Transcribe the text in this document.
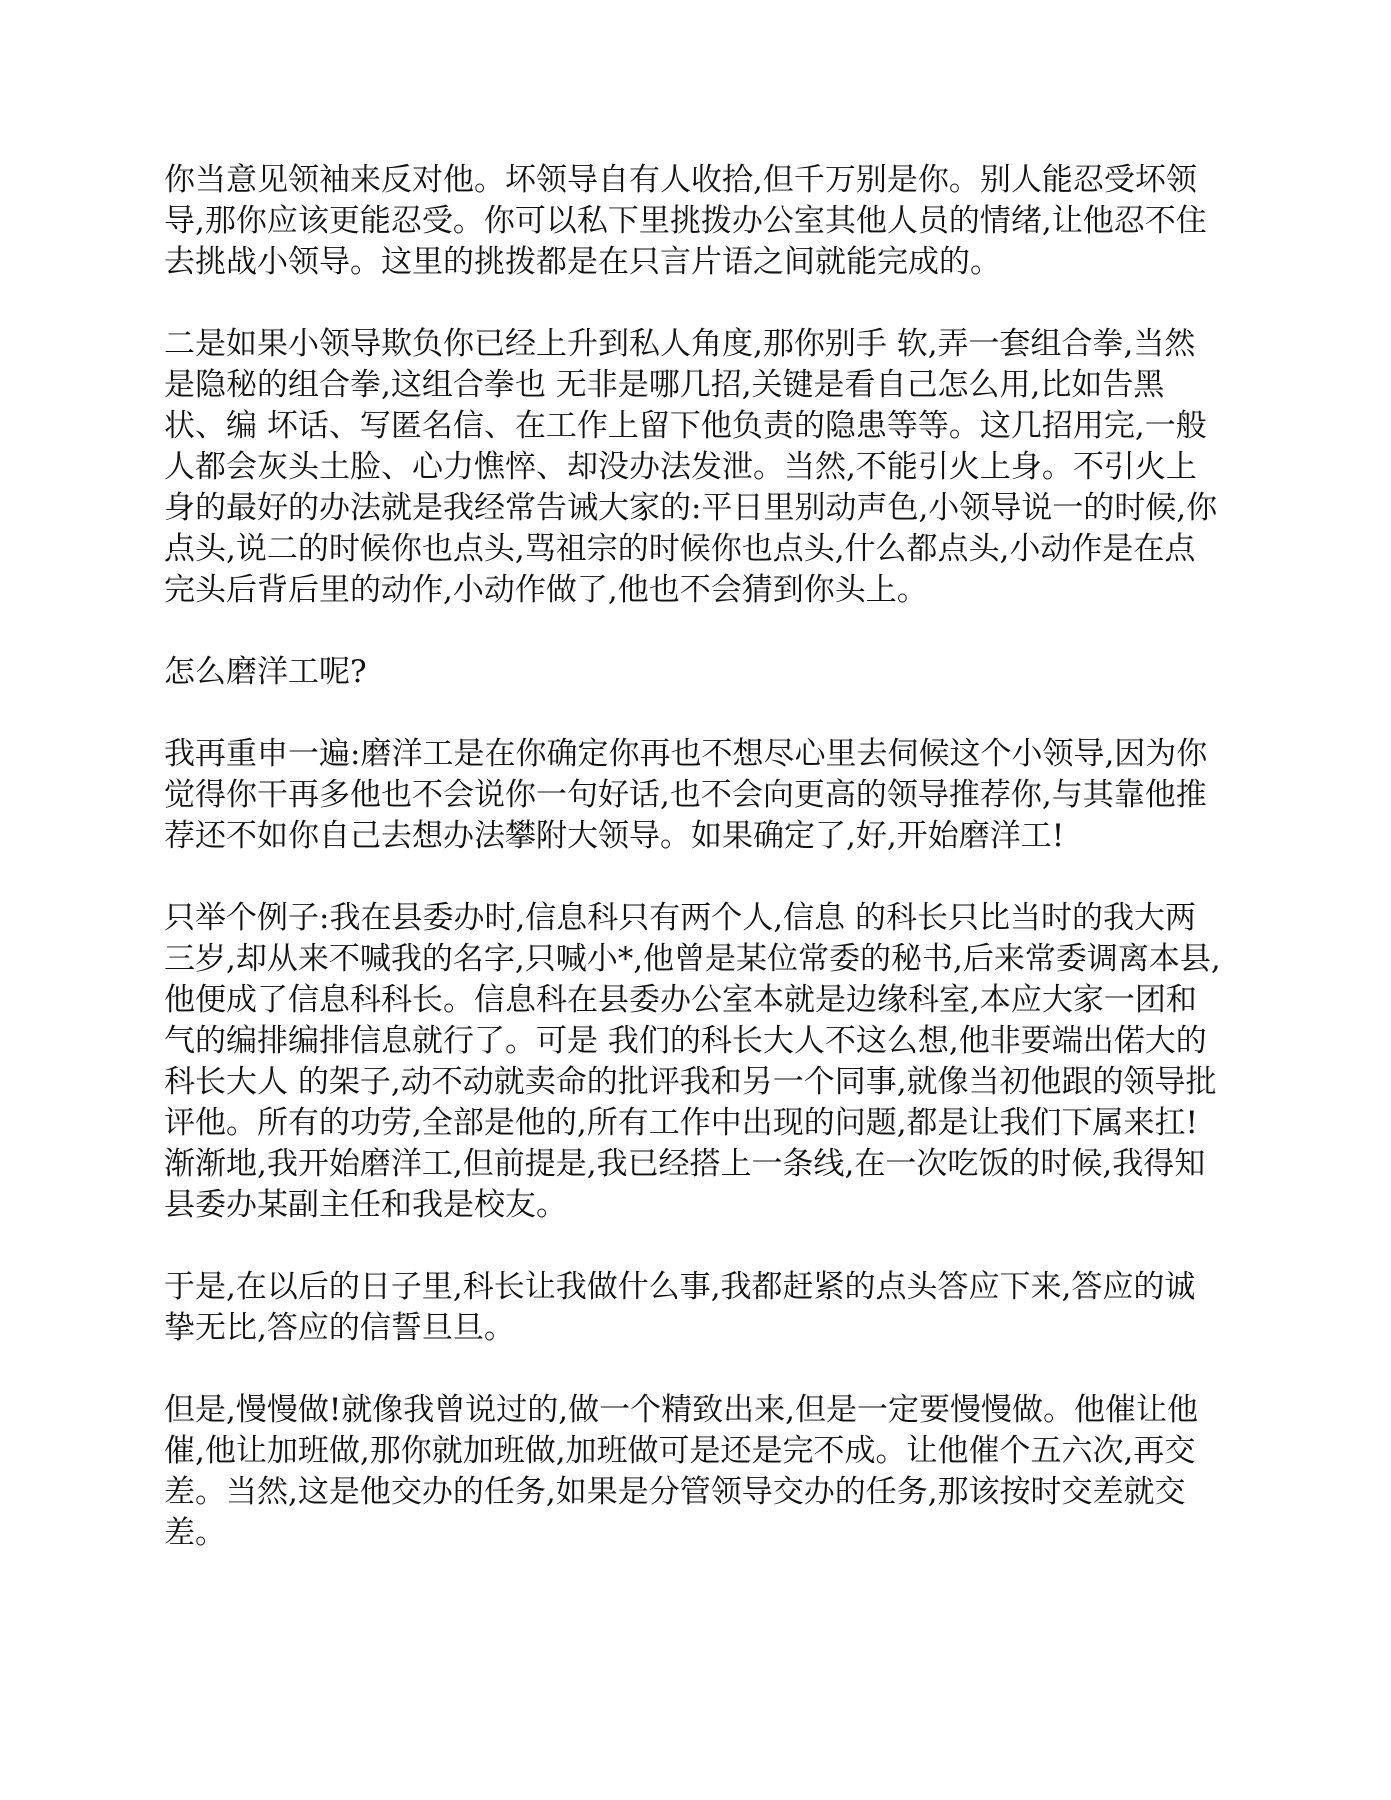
你当意见领袖来反对他。坏领导自有人收拾,但千万别是你。别人能忍受坏领导,那你应该更能忍受。你可以私下里挑拨办公室其他人员的情绪,让他忍不住去挑战小领导。这里的挑拨都是在只言片语之间就能完成的。

二是如果小领导欺负你已经上升到私人角度,那你别手 软,弄一套组合拳,当然是隐秘的组合拳,这组合拳也 无非是哪几招,关键是看自己怎么用,比如告黑状、编 坏话、写匿名信、在工作上留下他负责的隐患等等。这几招用完,一般人都会灰头土脸、心力憔悴、却没办法发泄。当然,不能引火上身。不引火上身的最好的办法就是我经常告诫大家的:平日里别动声色,小领导说一的时候,你点头,说二的时候你也点头,骂祖宗的时候你也点头,什么都点头,小动作是在点完头后背后里的动作,小动作做了,他也不会猜到你头上。

怎么磨洋工呢?

我再重申一遍:磨洋工是在你确定你再也不想尽心里去伺候这个小领导,因为你觉得你干再多他也不会说你一句好话,也不会向更高的领导推荐你,与其靠他推荐还不如你自己去想办法攀附大领导。如果确定了,好,开始磨洋工!

只举个例子:我在县委办时,信息科只有两个人,信息 的科长只比当时的我大两三岁,却从来不喊我的名字,只喊小*,他曾是某位常委的秘书,后来常委调离本县,他便成了信息科科长。信息科在县委办公室本就是边缘科室,本应大家一团和气的编排编排信息就行了。可是 我们的科长大人不这么想,他非要端出偌大的科长大人 的架子,动不动就卖命的批评我和另一个同事,就像当初他跟的领导批评他。所有的功劳,全部是他的,所有工作中出现的问题,都是让我们下属来扛!渐渐地,我开始磨洋工,但前提是,我已经搭上一条线,在一次吃饭的时候,我得知县委办某副主任和我是校友。

于是,在以后的日子里,科长让我做什么事,我都赶紧的点头答应下来,答应的诚挚无比,答应的信誓旦旦。

但是,慢慢做!就像我曾说过的,做一个精致出来,但是一定要慢慢做。他催让他催,他让加班做,那你就加班做,加班做可是还是完不成。让他催个五六次,再交差。当然,这是他交办的任务,如果是分管领导交办的任务,那该按时交差就交差。
